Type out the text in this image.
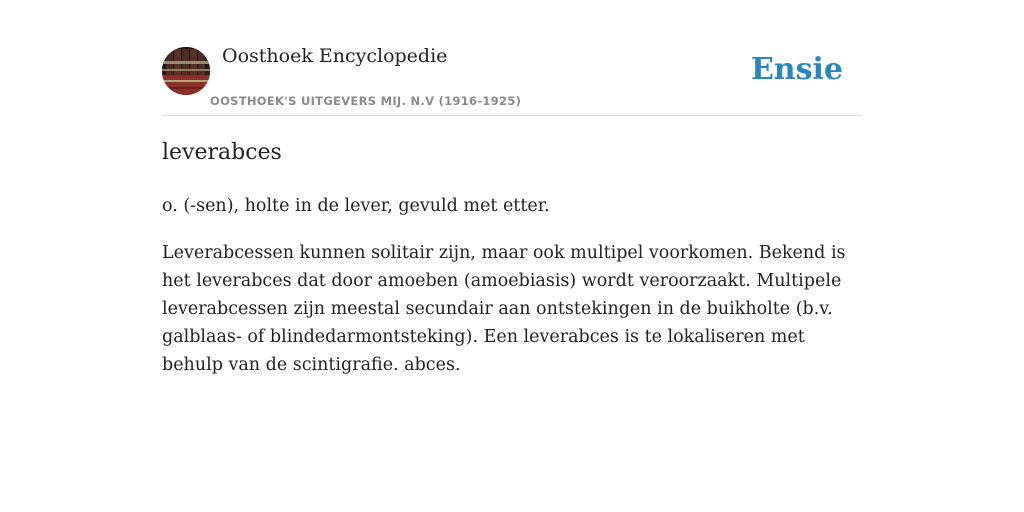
Oosthoek Encyclopedie
OOSTHOEK'S UITGEVERS MIJ. N.V (1916-1925)
Ensie
leverabces

o. (-sen), holte in de lever, gevuld met etter.

Leverabcessen kunnen solitair zijn, maar ook multipel voorkomen. Bekend is het leverabces dat door amoeben (amoebiasis) wordt veroorzaakt. Multipele leverabcessen zijn meestal secundair aan ontstekingen in de buikholte (b.v. galblaas- of blindedarmontsteking). Een leverabces is te lokaliseren met behulp van de scintigrafie. abces.
